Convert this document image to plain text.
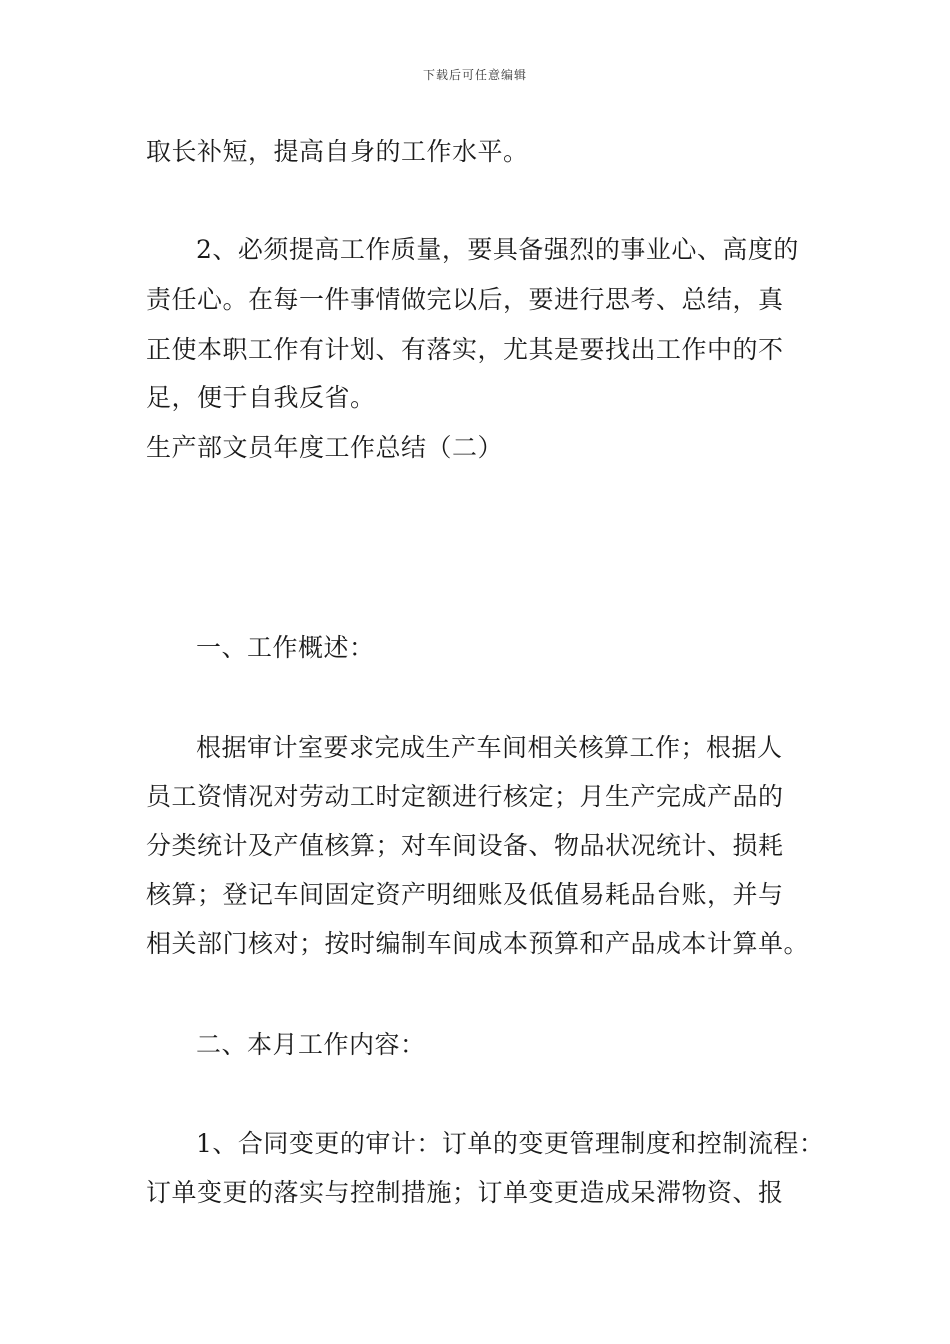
下载后可任意编辑
取长补短，提高自身的工作水平。
2、必须提高工作质量，要具备强烈的事业心、高度的
责任心。在每一件事情做完以后，要进行思考、总结，真
正使本职工作有计划、有落实，尤其是要找出工作中的不
足，便于自我反省。
生产部文员年度工作总结（二）
一、工作概述：
根据审计室要求完成生产车间相关核算工作；根据人
员工资情况对劳动工时定额进行核定；月生产完成产品的
分类统计及产值核算；对车间设备、物品状况统计、损耗
核算；登记车间固定资产明细账及低值易耗品台账，并与
相关部门核对；按时编制车间成本预算和产品成本计算单。
二、本月工作内容：
1、合同变更的审计：订单的变更管理制度和控制流程：
订单变更的落实与控制措施；订单变更造成呆滞物资、报
